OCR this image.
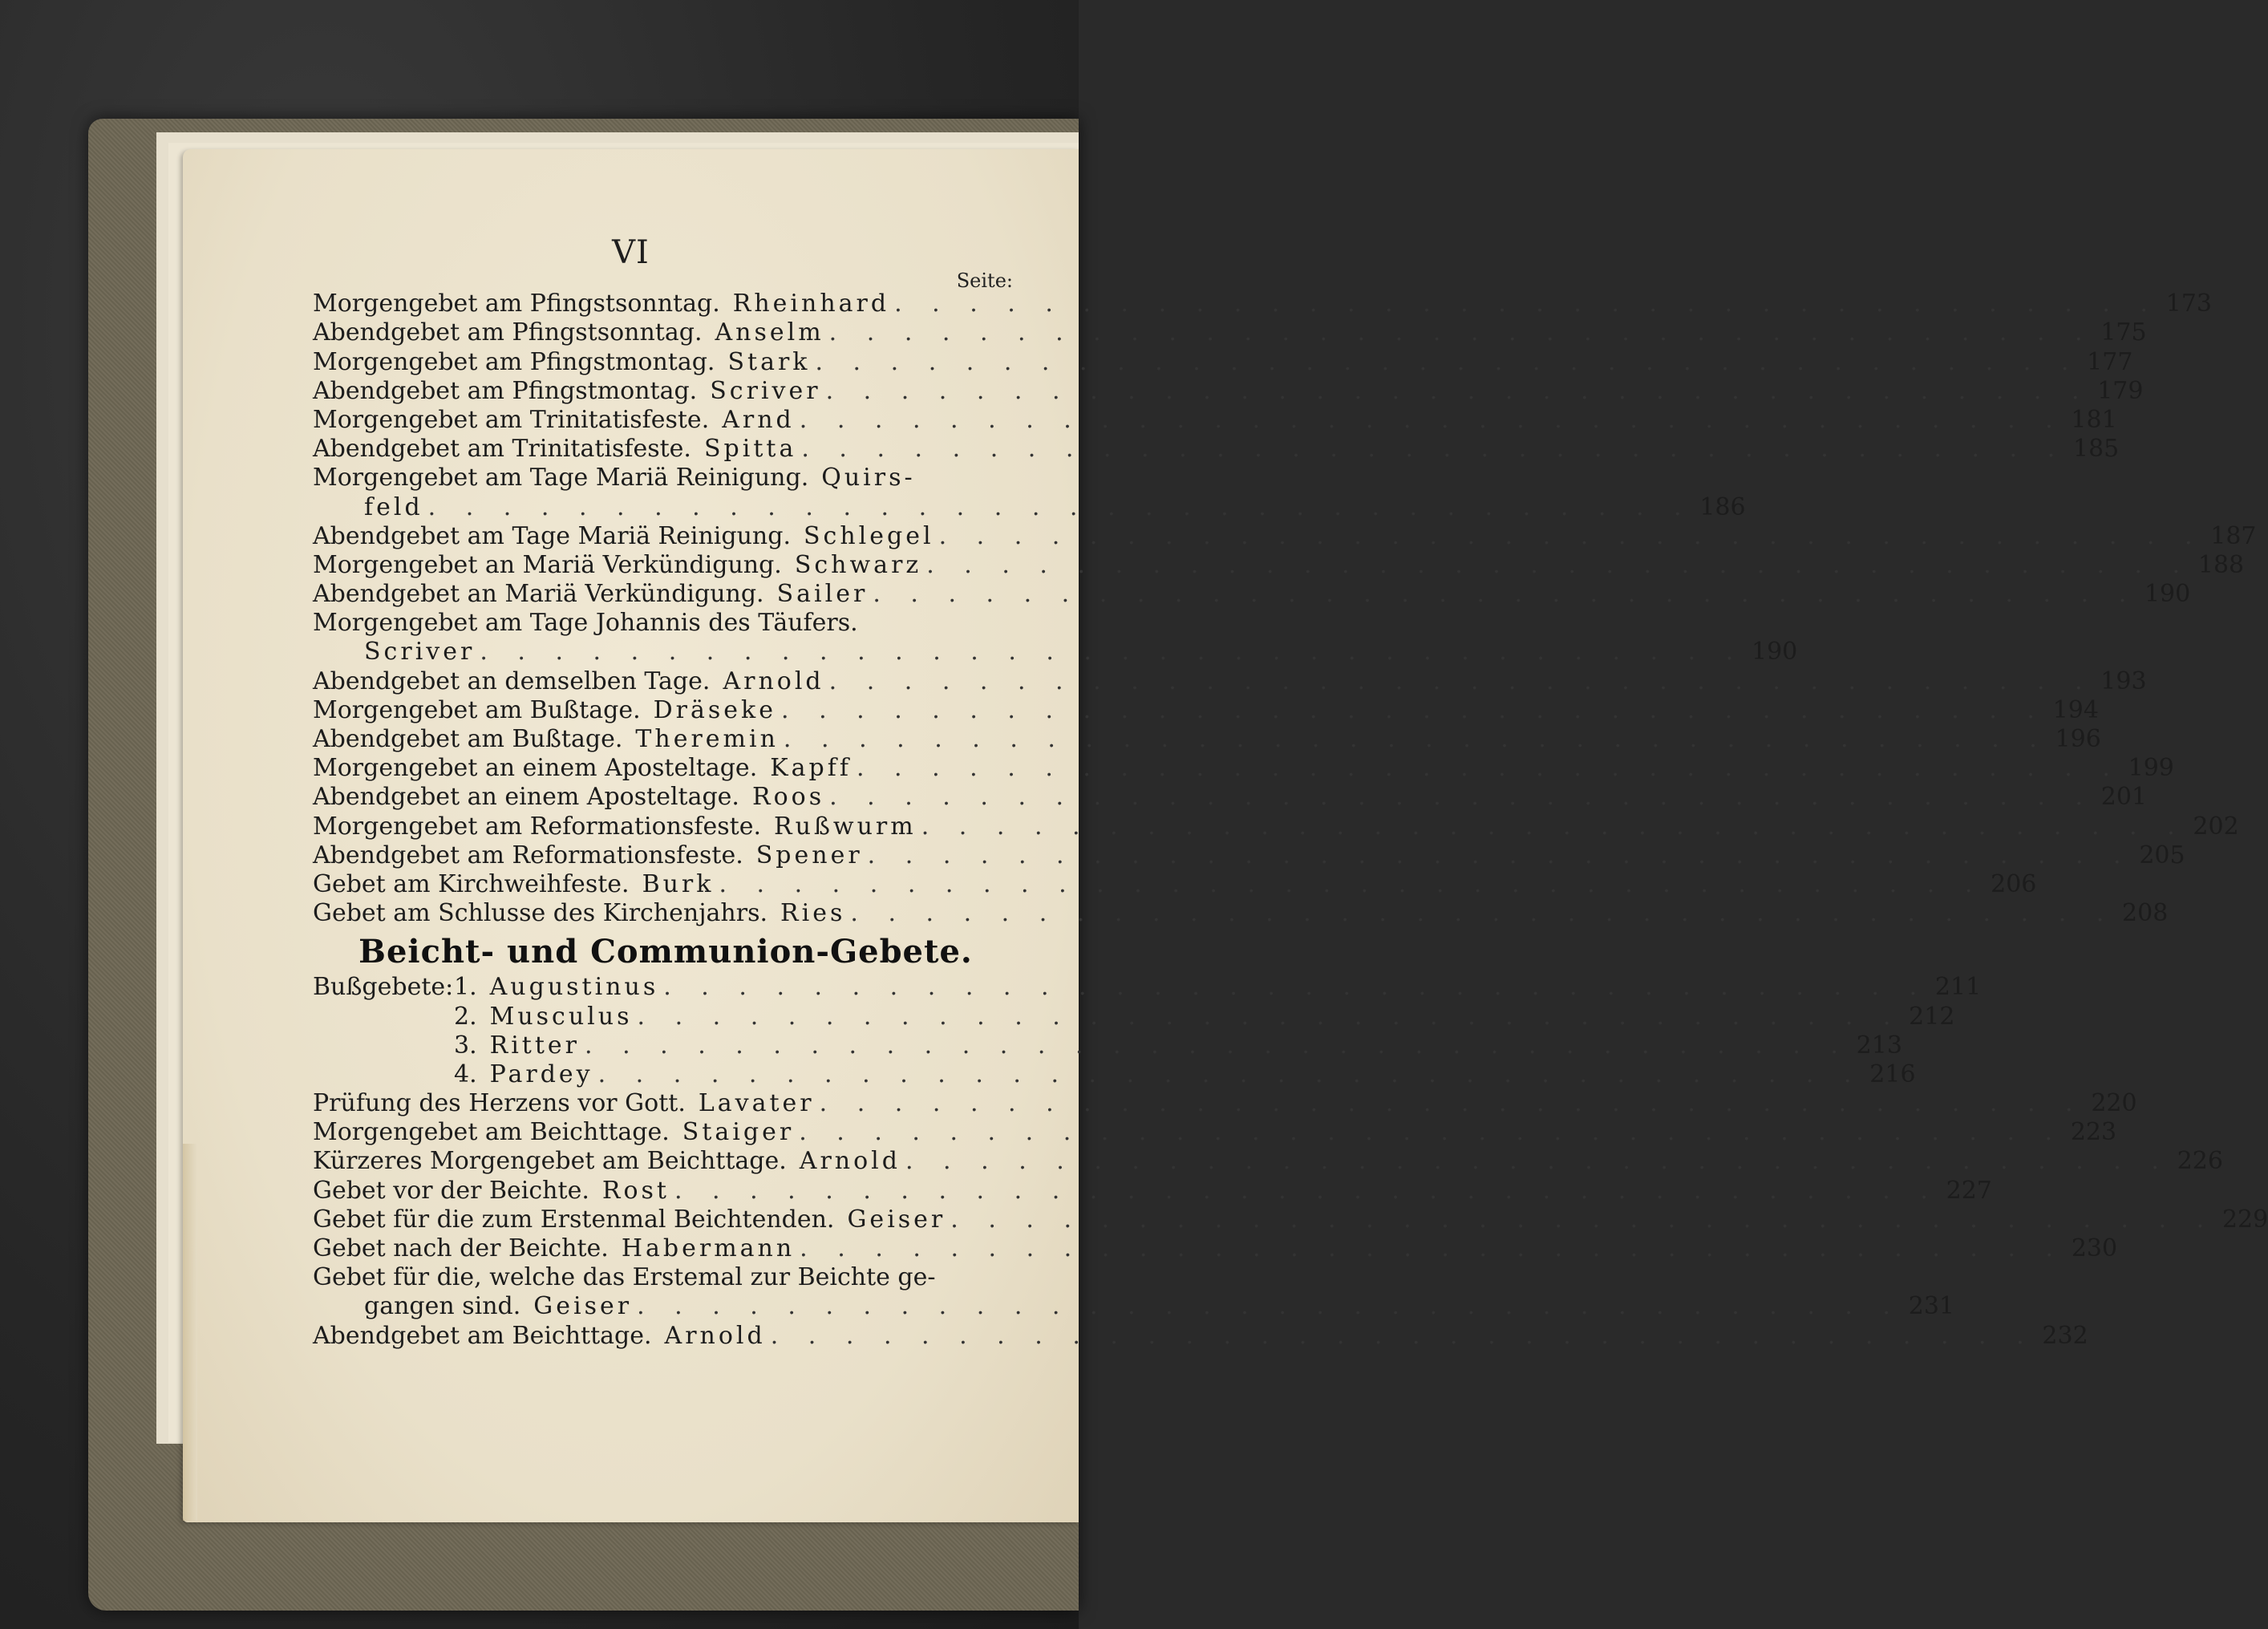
VI
Seite:
Morgengebet am Pfingstsonntag. Rheinhard . . . . . . . . . . . . . . . . . . . . . . . . . . . . . . . . . . 173
Abendgebet am Pfingstsonntag. Anselm . . . . . . . . . . . . . . . . . . . . . . . . . . . . . . . . . . 175
Morgengebet am Pfingstmontag. Stark . . . . . . . . . . . . . . . . . . . . . . . . . . . . . . . . . . 177
Abendgebet am Pfingstmontag. Scriver . . . . . . . . . . . . . . . . . . . . . . . . . . . . . . . . . . 179
Morgengebet am Trinitatisfeste. Arnd . . . . . . . . . . . . . . . . . . . . . . . . . . . . . . . . . . 181
Abendgebet am Trinitatisfeste. Spitta . . . . . . . . . . . . . . . . . . . . . . . . . . . . . . . . . . 185
Morgengebet am Tage Mariä Reinigung. Quirs-
feld . . . . . . . . . . . . . . . . . . . . . . . . . . . . . . . . . . 186
Abendgebet am Tage Mariä Reinigung. Schlegel . . . . . . . . . . . . . . . . . . . . . . . . . . . . . . . . . . 187
Morgengebet an Mariä Verkündigung. Schwarz . . . . . . . . . . . . . . . . . . . . . . . . . . . . . . . . . . 188
Abendgebet an Mariä Verkündigung. Sailer . . . . . . . . . . . . . . . . . . . . . . . . . . . . . . . . . . 190
Morgengebet am Tage Johannis des Täufers.
Scriver . . . . . . . . . . . . . . . . . . . . . . . . . . . . . . . . . . 190
Abendgebet an demselben Tage. Arnold . . . . . . . . . . . . . . . . . . . . . . . . . . . . . . . . . . 193
Morgengebet am Bußtage. Dräseke . . . . . . . . . . . . . . . . . . . . . . . . . . . . . . . . . . 194
Abendgebet am Bußtage. Theremin . . . . . . . . . . . . . . . . . . . . . . . . . . . . . . . . . . 196
Morgengebet an einem Aposteltage. Kapff . . . . . . . . . . . . . . . . . . . . . . . . . . . . . . . . . . 199
Abendgebet an einem Aposteltage. Roos . . . . . . . . . . . . . . . . . . . . . . . . . . . . . . . . . . 201
Morgengebet am Reformationsfeste. Rußwurm . . . . . . . . . . . . . . . . . . . . . . . . . . . . . . . . . . 202
Abendgebet am Reformationsfeste. Spener . . . . . . . . . . . . . . . . . . . . . . . . . . . . . . . . . . 205
Gebet am Kirchweihfeste. Burk . . . . . . . . . . . . . . . . . . . . . . . . . . . . . . . . . . 206
Gebet am Schlusse des Kirchenjahrs. Ries . . . . . . . . . . . . . . . . . . . . . . . . . . . . . . . . . . 208
Beicht- und Communion-Gebete.
Bußgebete: 1. Augustinus . . . . . . . . . . . . . . . . . . . . . . . . . . . . . . . . . . 211
2. Musculus . . . . . . . . . . . . . . . . . . . . . . . . . . . . . . . . . . 212
3. Ritter . . . . . . . . . . . . . . . . . . . . . . . . . . . . . . . . . . 213
4. Pardey . . . . . . . . . . . . . . . . . . . . . . . . . . . . . . . . . . 216
Prüfung des Herzens vor Gott. Lavater . . . . . . . . . . . . . . . . . . . . . . . . . . . . . . . . . . 220
Morgengebet am Beichttage. Staiger . . . . . . . . . . . . . . . . . . . . . . . . . . . . . . . . . . 223
Kürzeres Morgengebet am Beichttage. Arnold . . . . . . . . . . . . . . . . . . . . . . . . . . . . . . . . . . 226
Gebet vor der Beichte. Rost . . . . . . . . . . . . . . . . . . . . . . . . . . . . . . . . . . 227
Gebet für die zum Erstenmal Beichtenden. Geiser . . . . . . . . . . . . . . . . . . . . . . . . . . . . . . . . . . 229
Gebet nach der Beichte. Habermann . . . . . . . . . . . . . . . . . . . . . . . . . . . . . . . . . . 230
Gebet für die, welche das Erstemal zur Beichte ge-
gangen sind. Geiser . . . . . . . . . . . . . . . . . . . . . . . . . . . . . . . . . . 231
Abendgebet am Beichttage. Arnold . . . . . . . . . . . . . . . . . . . . . . . . . . . . . . . . . . 232
